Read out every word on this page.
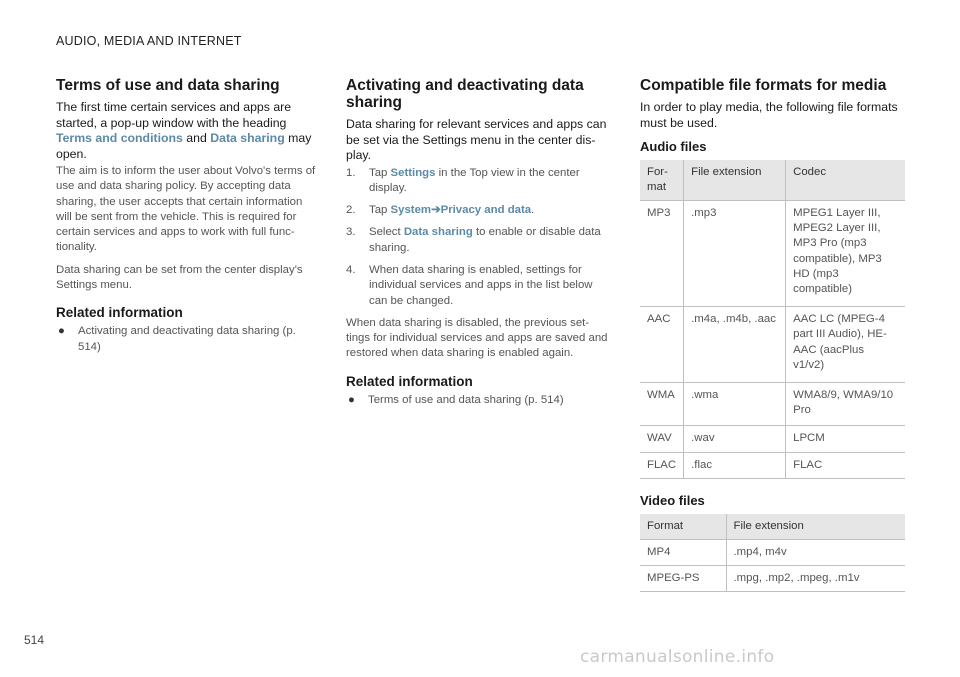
AUDIO, MEDIA AND INTERNET
Terms of use and data sharing

The first time certain services and apps are started, a pop-up window with the heading Terms and conditions and Data sharing may open.

The aim is to inform the user about Volvo's terms of use and data sharing policy. By accepting data sharing, the user accepts that certain information will be sent from the vehicle. This is required for certain services and apps to work with full func- tionality.

Data sharing can be set from the center display's Settings menu.

Related information
● Activating and deactivating data sharing (p. 514)
Activating and deactivating data sharing

Data sharing for relevant services and apps can be set via the Settings menu in the center dis- play.

1. Tap Settings in the Top view in the center display.
2. Tap System➔Privacy and data.
3. Select Data sharing to enable or disable data sharing.
4. When data sharing is enabled, settings for individual services and apps in the list below can be changed.

When data sharing is disabled, the previous set- tings for individual services and apps are saved and restored when data sharing is enabled again.

Related information
● Terms of use and data sharing (p. 514)
Compatible file formats for media

In order to play media, the following file formats must be used.

Audio files
For- mat	File extension	Codec
MP3	.mp3	MPEG1 Layer III, MPEG2 Layer III, MP3 Pro (mp3 compatible), MP3 HD (mp3 compatible)
AAC	.m4a, .m4b, .aac	AAC LC (MPEG-4 part III Audio), HE-AAC (aacPlus v1/v2)
WMA	.wma	WMA8/9, WMA9/10 Pro
WAV	.wav	LPCM
FLAC	.flac	FLAC
Video files
Format	File extension
MP4	.mp4, m4v
MPEG-PS	.mpg, .mp2, .mpeg, .m1v
514
carmanualsonline.info
